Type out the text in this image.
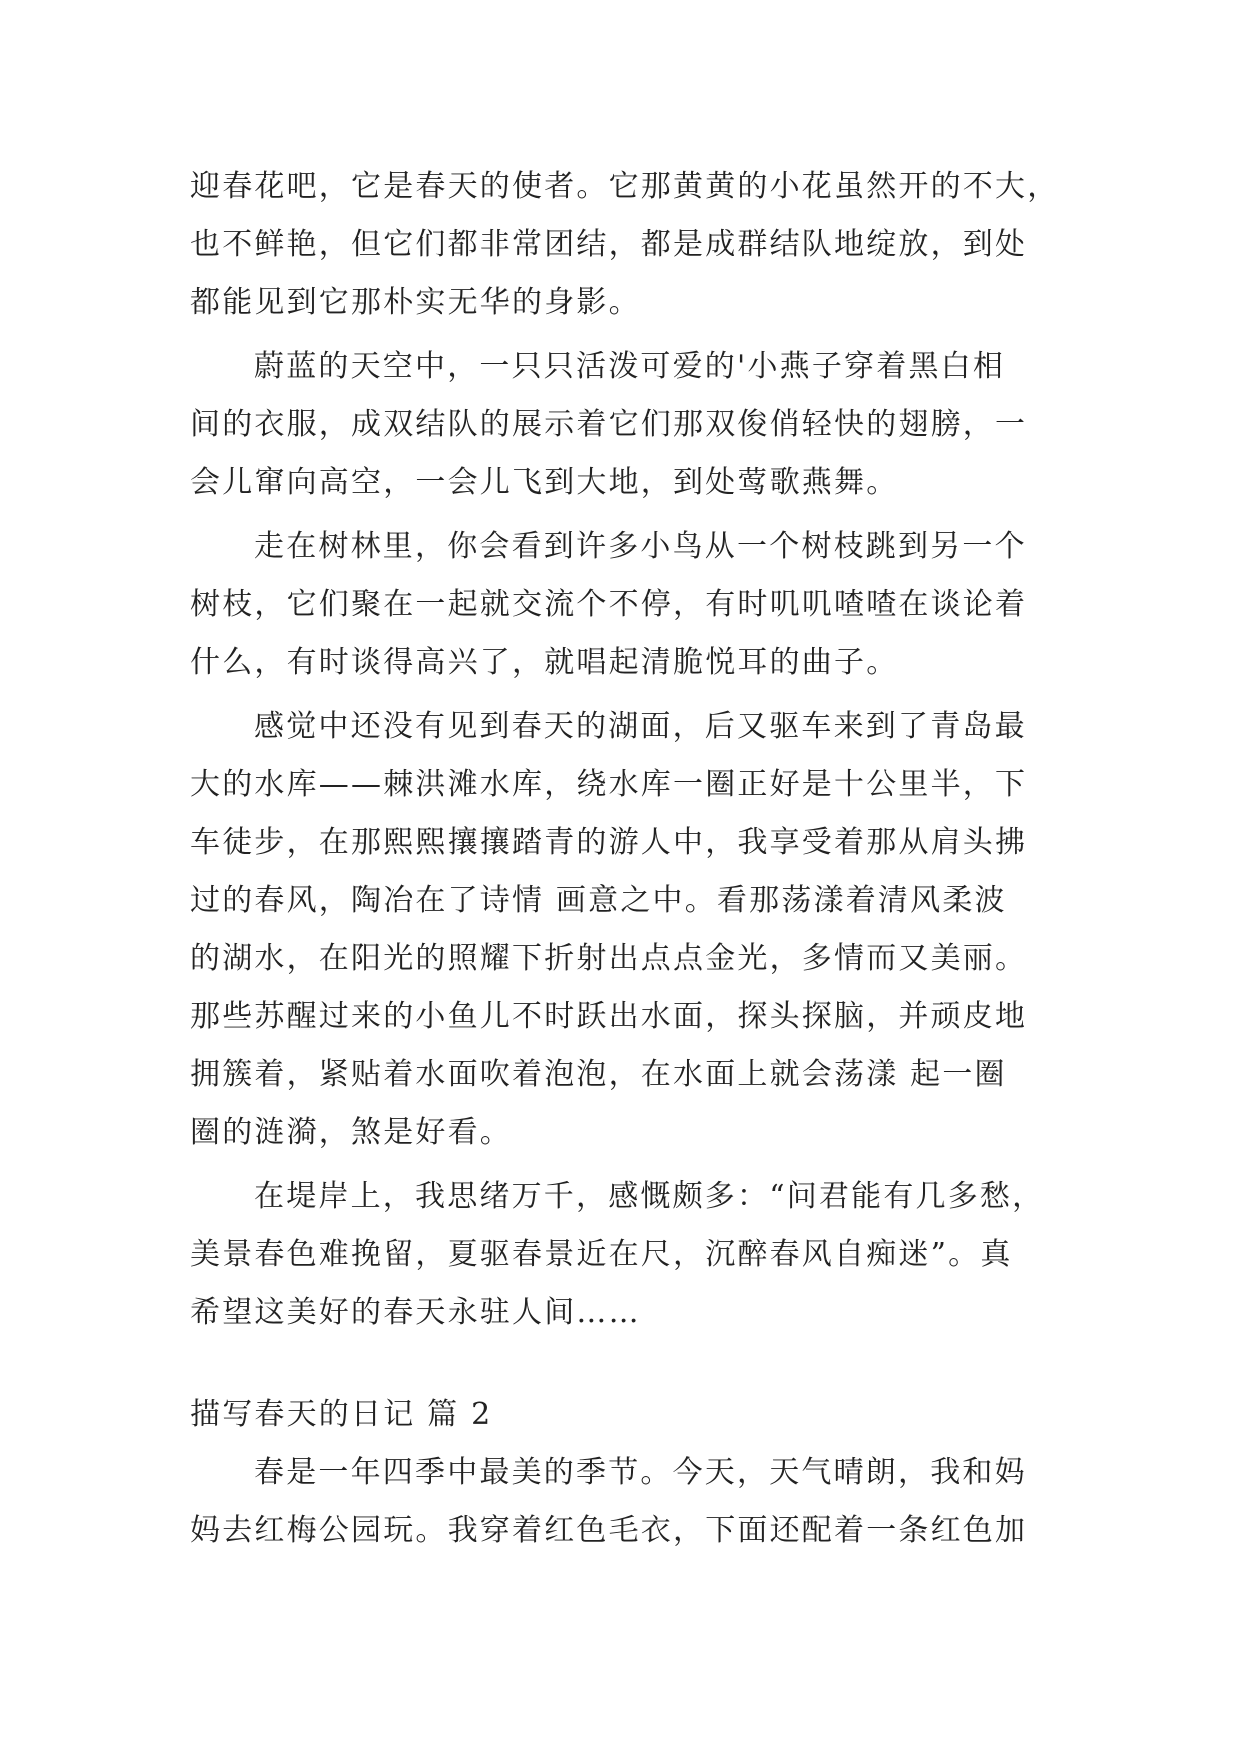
迎春花吧，它是春天的使者。它那黄黄的小花虽然开的不大，
也不鲜艳，但它们都非常团结，都是成群结队地绽放，到处
都能见到它那朴实无华的身影。
蔚蓝的天空中，一只只活泼可爱的'小燕子穿着黑白相
间的衣服，成双结队的展示着它们那双俊俏轻快的翅膀，一
会儿窜向高空，一会儿飞到大地，到处莺歌燕舞。
走在树林里，你会看到许多小鸟从一个树枝跳到另一个
树枝，它们聚在一起就交流个不停，有时叽叽喳喳在谈论着
什么，有时谈得高兴了，就唱起清脆悦耳的曲子。
感觉中还没有见到春天的湖面，后又驱车来到了青岛最
大的水库——棘洪滩水库，绕水库一圈正好是十公里半，下
车徒步，在那熙熙攘攘踏青的游人中，我享受着那从肩头拂
过的春风，陶冶在了诗情 画意之中。看那荡漾着清风柔波
的湖水，在阳光的照耀下折射出点点金光，多情而又美丽。
那些苏醒过来的小鱼儿不时跃出水面，探头探脑，并顽皮地
拥簇着，紧贴着水面吹着泡泡，在水面上就会荡漾 起一圈
圈的涟漪，煞是好看。
在堤岸上，我思绪万千，感慨颇多：“问君能有几多愁，
美景春色难挽留，夏驱春景近在尺，沉醉春风自痴迷”。真
希望这美好的春天永驻人间……
描写春天的日记 篇 2
春是一年四季中最美的季节。今天，天气晴朗，我和妈
妈去红梅公园玩。我穿着红色毛衣，下面还配着一条红色加
